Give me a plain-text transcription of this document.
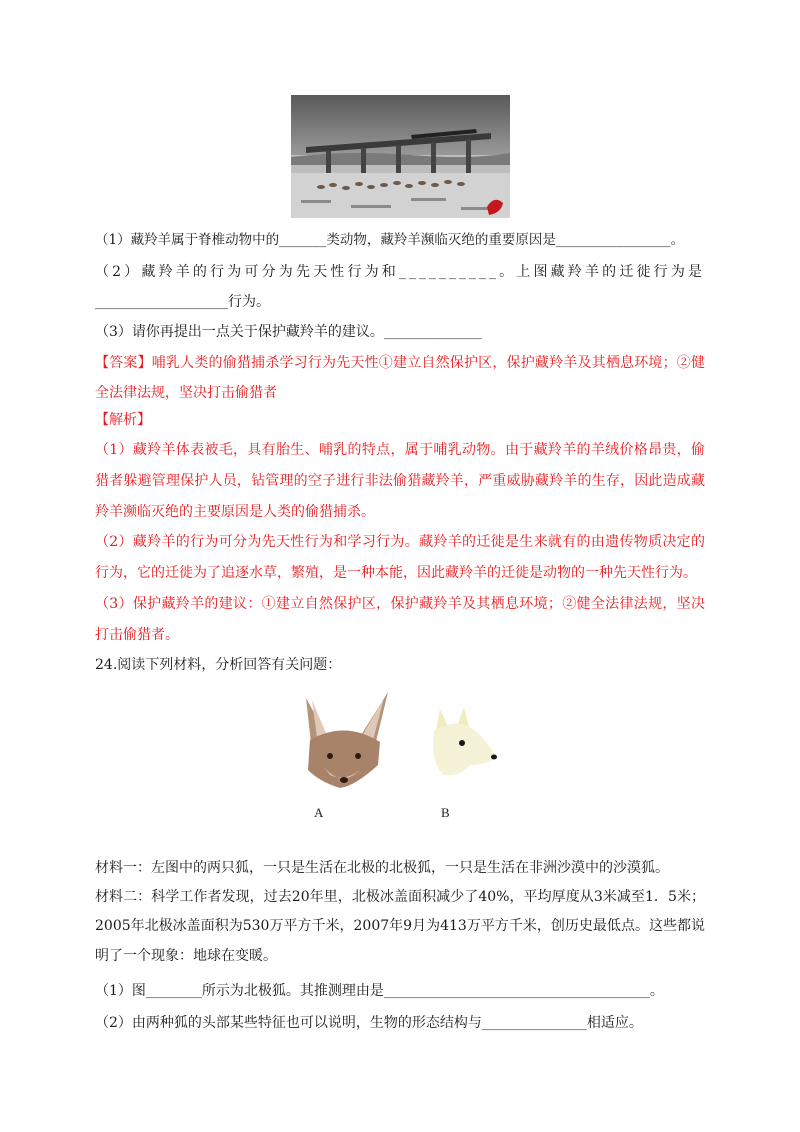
（1）藏羚羊属于脊椎动物中的_______类动物，藏羚羊濒临灭绝的重要原因是_________________。
（2）藏羚羊的行为可分为先天性行为和__________。上图藏羚羊的迁徙行为是
___________________行为。
（3）请你再提出一点关于保护藏羚羊的建议。______________
【答案】哺乳人类的偷猎捕杀学习行为先天性①建立自然保护区，保护藏羚羊及其栖息环境；②健
全法律法规，坚决打击偷猎者
【解析】
（1）藏羚羊体表被毛，具有胎生、哺乳的特点，属于哺乳动物。由于藏羚羊的羊绒价格昂贵，偷
猎者躲避管理保护人员，钻管理的空子进行非法偷猎藏羚羊，严重威胁藏羚羊的生存，因此造成藏
羚羊濒临灭绝的主要原因是人类的偷猎捕杀。
（2）藏羚羊的行为可分为先天性行为和学习行为。藏羚羊的迁徙是生来就有的由遗传物质决定的
行为，它的迁徙为了追逐水草，繁殖，是一种本能，因此藏羚羊的迁徙是动物的一种先天性行为。
（3）保护藏羚羊的建议：①建立自然保护区，保护藏羚羊及其栖息环境；②健全法律法规，坚决
打击偷猎者。
24.阅读下列材料，分析回答有关问题：
A	B
材料一：左图中的两只狐，一只是生活在北极的北极狐，一只是生活在非洲沙漠中的沙漠狐。
材料二：科学工作者发现，过去20年里，北极冰盖面积减少了40%，平均厚度从3米减至1．5米；
2005年北极冰盖面积为530万平方千米，2007年9月为413万平方千米，创历史最低点。这些都说
明了一个现象：地球在变暖。
（1）图________所示为北极狐。其推测理由是______________________________________。
（2）由两种狐的头部某些特征也可以说明，生物的形态结构与_______________相适应。
